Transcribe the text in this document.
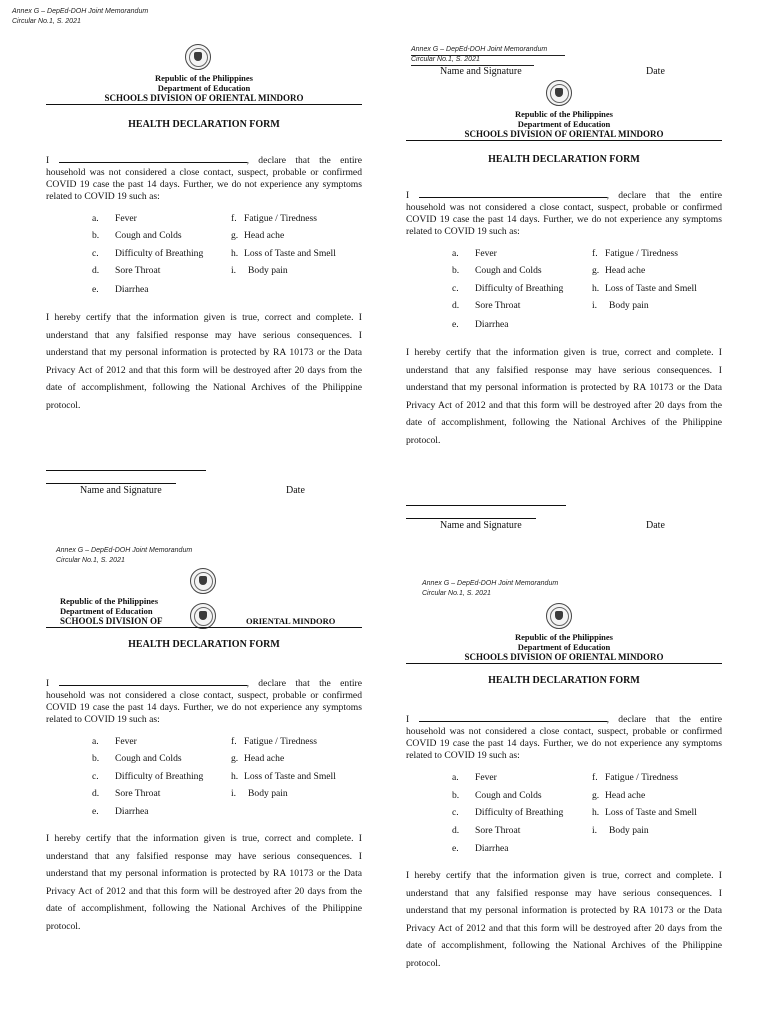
Annex G – DepEd-DOH Joint Memorandum
Circular No.1, S. 2021
Republic of the Philippines
Department of Education
SCHOOLS DIVISION OF ORIENTAL MINDORO
HEALTH DECLARATION FORM
I	, declare that the entire household was not considered a close contact, suspect, probable or confirmed COVID 19 case the past 14 days. Further, we do not experience any symptoms related to COVID 19 such as:
a. Fever
b. Cough and Colds
c. Difficulty of Breathing
d. Sore Throat
e. Diarrhea
f. Fatigue / Tiredness
g. Head ache
h. Loss of Taste and Smell
i. Body pain
I hereby certify that the information given is true, correct and complete. I understand that any falsified response may have serious consequences. I understand that my personal information is protected by RA 10173 or the Data Privacy Act of 2012 and that this form will be destroyed after 20 days from the date of accomplishment, following the National Archives of the Philippine protocol.
Name and Signature	Date
Annex G – DepEd-DOH Joint Memorandum
Circular No.1, S. 2021
Name and Signature	Date
Republic of the Philippines
Department of Education
SCHOOLS DIVISION OF ORIENTAL MINDORO
HEALTH DECLARATION FORM
I	, declare that the entire household was not considered a close contact, suspect, probable or confirmed COVID 19 case the past 14 days. Further, we do not experience any symptoms related to COVID 19 such as:
a. Fever
b. Cough and Colds
c. Difficulty of Breathing
d. Sore Throat
e. Diarrhea
f. Fatigue / Tiredness
g. Head ache
h. Loss of Taste and Smell
i. Body pain
I hereby certify that the information given is true, correct and complete. I understand that any falsified response may have serious consequences. I understand that my personal information is protected by RA 10173 or the Data Privacy Act of 2012 and that this form will be destroyed after 20 days from the date of accomplishment, following the National Archives of the Philippine protocol.
Name and Signature	Date
Annex G – DepEd-DOH Joint Memorandum
Circular No.1, S. 2021
Republic of the Philippines
Department of Education
SCHOOLS DIVISION OF	ORIENTAL MINDORO
HEALTH DECLARATION FORM
I	, declare that the entire household was not considered a close contact, suspect, probable or confirmed COVID 19 case the past 14 days. Further, we do not experience any symptoms related to COVID 19 such as:
a. Fever
b. Cough and Colds
c. Difficulty of Breathing
d. Sore Throat
e. Diarrhea
f. Fatigue / Tiredness
g. Head ache
h. Loss of Taste and Smell
i. Body pain
I hereby certify that the information given is true, correct and complete. I understand that any falsified response may have serious consequences. I understand that my personal information is protected by RA 10173 or the Data Privacy Act of 2012 and that this form will be destroyed after 20 days from the date of accomplishment, following the National Archives of the Philippine protocol.
Annex G – DepEd-DOH Joint Memorandum
Circular No.1, S. 2021
Republic of the Philippines
Department of Education
SCHOOLS DIVISION OF ORIENTAL MINDORO
HEALTH DECLARATION FORM
I	, declare that the entire household was not considered a close contact, suspect, probable or confirmed COVID 19 case the past 14 days. Further, we do not experience any symptoms related to COVID 19 such as:
a. Fever
b. Cough and Colds
c. Difficulty of Breathing
d. Sore Throat
e. Diarrhea
f. Fatigue / Tiredness
g. Head ache
h. Loss of Taste and Smell
i. Body pain
I hereby certify that the information given is true, correct and complete. I understand that any falsified response may have serious consequences. I understand that my personal information is protected by RA 10173 or the Data Privacy Act of 2012 and that this form will be destroyed after 20 days from the date of accomplishment, following the National Archives of the Philippine protocol.
